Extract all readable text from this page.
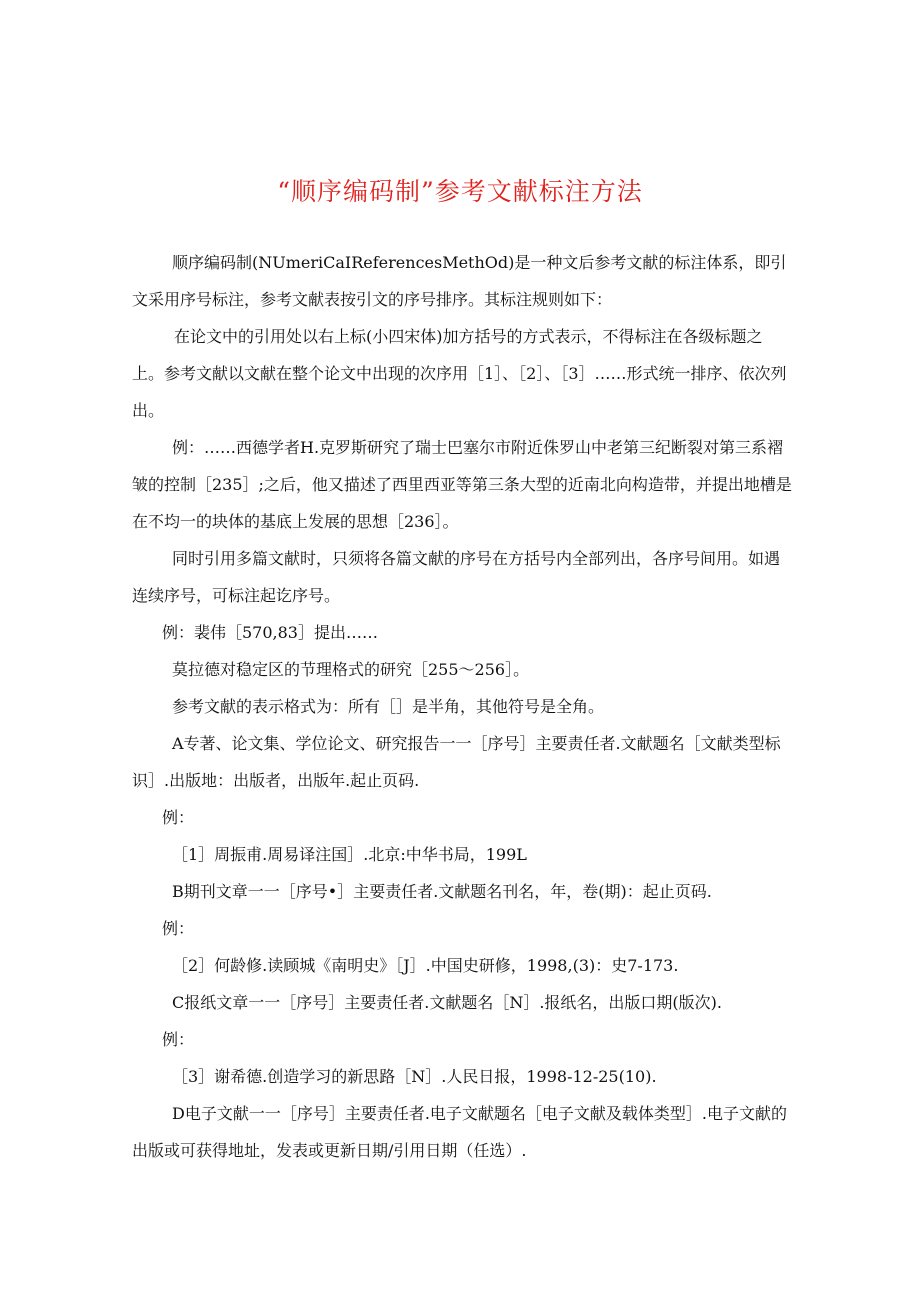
“顺序编码制”参考文献标注方法

顺序编码制(NUmeriCaIReferencesMethOd)是一种文后参考文献的标注体系，即引文采用序号标注，参考文献表按引文的序号排序。其标注规则如下：

在论文中的引用处以右上标(小四宋体)加方括号的方式表示，不得标注在各级标题之上。参考文献以文献在整个论文中出现的次序用［1］、［2］、［3］……形式统一排序、依次列出。

例：……西德学者H.克罗斯研究了瑞士巴塞尔市附近侏罗山中老第三纪断裂对第三系褶皱的控制［235］;之后，他又描述了西里西亚等第三条大型的近南北向构造带，并提出地槽是在不均一的块体的基底上发展的思想［236］。

同时引用多篇文献时，只须将各篇文献的序号在方括号内全部列出，各序号间用。如遇连续序号，可标注起讫序号。

例：裴伟［570,83］提出……

莫拉德对稳定区的节理格式的研究［255～256］。

参考文献的表示格式为：所有［］是半角，其他符号是全角。

A专著、论文集、学位论文、研究报告一一［序号］主要责任者.文献题名［文献类型标识］.出版地：出版者，出版年.起止页码.

例：

［1］周振甫.周易译注国］.北京:中华书局，199L

B期刊文章一一［序号•］主要责任者.文献题名刊名，年，卷(期)：起止页码.

例：

［2］何龄修.读顾城《南明史》［J］.中国史研修，1998,(3)：史7-173.

C报纸文章一一［序号］主要责任者.文献题名［N］.报纸名，出版口期(版次).

例：

［3］谢希德.创造学习的新思路［N］.人民日报，1998-12-25(10).

D电子文献一一［序号］主要责任者.电子文献题名［电子文献及载体类型］.电子文献的出版或可获得地址，发表或更新日期/引用日期（任选）.
